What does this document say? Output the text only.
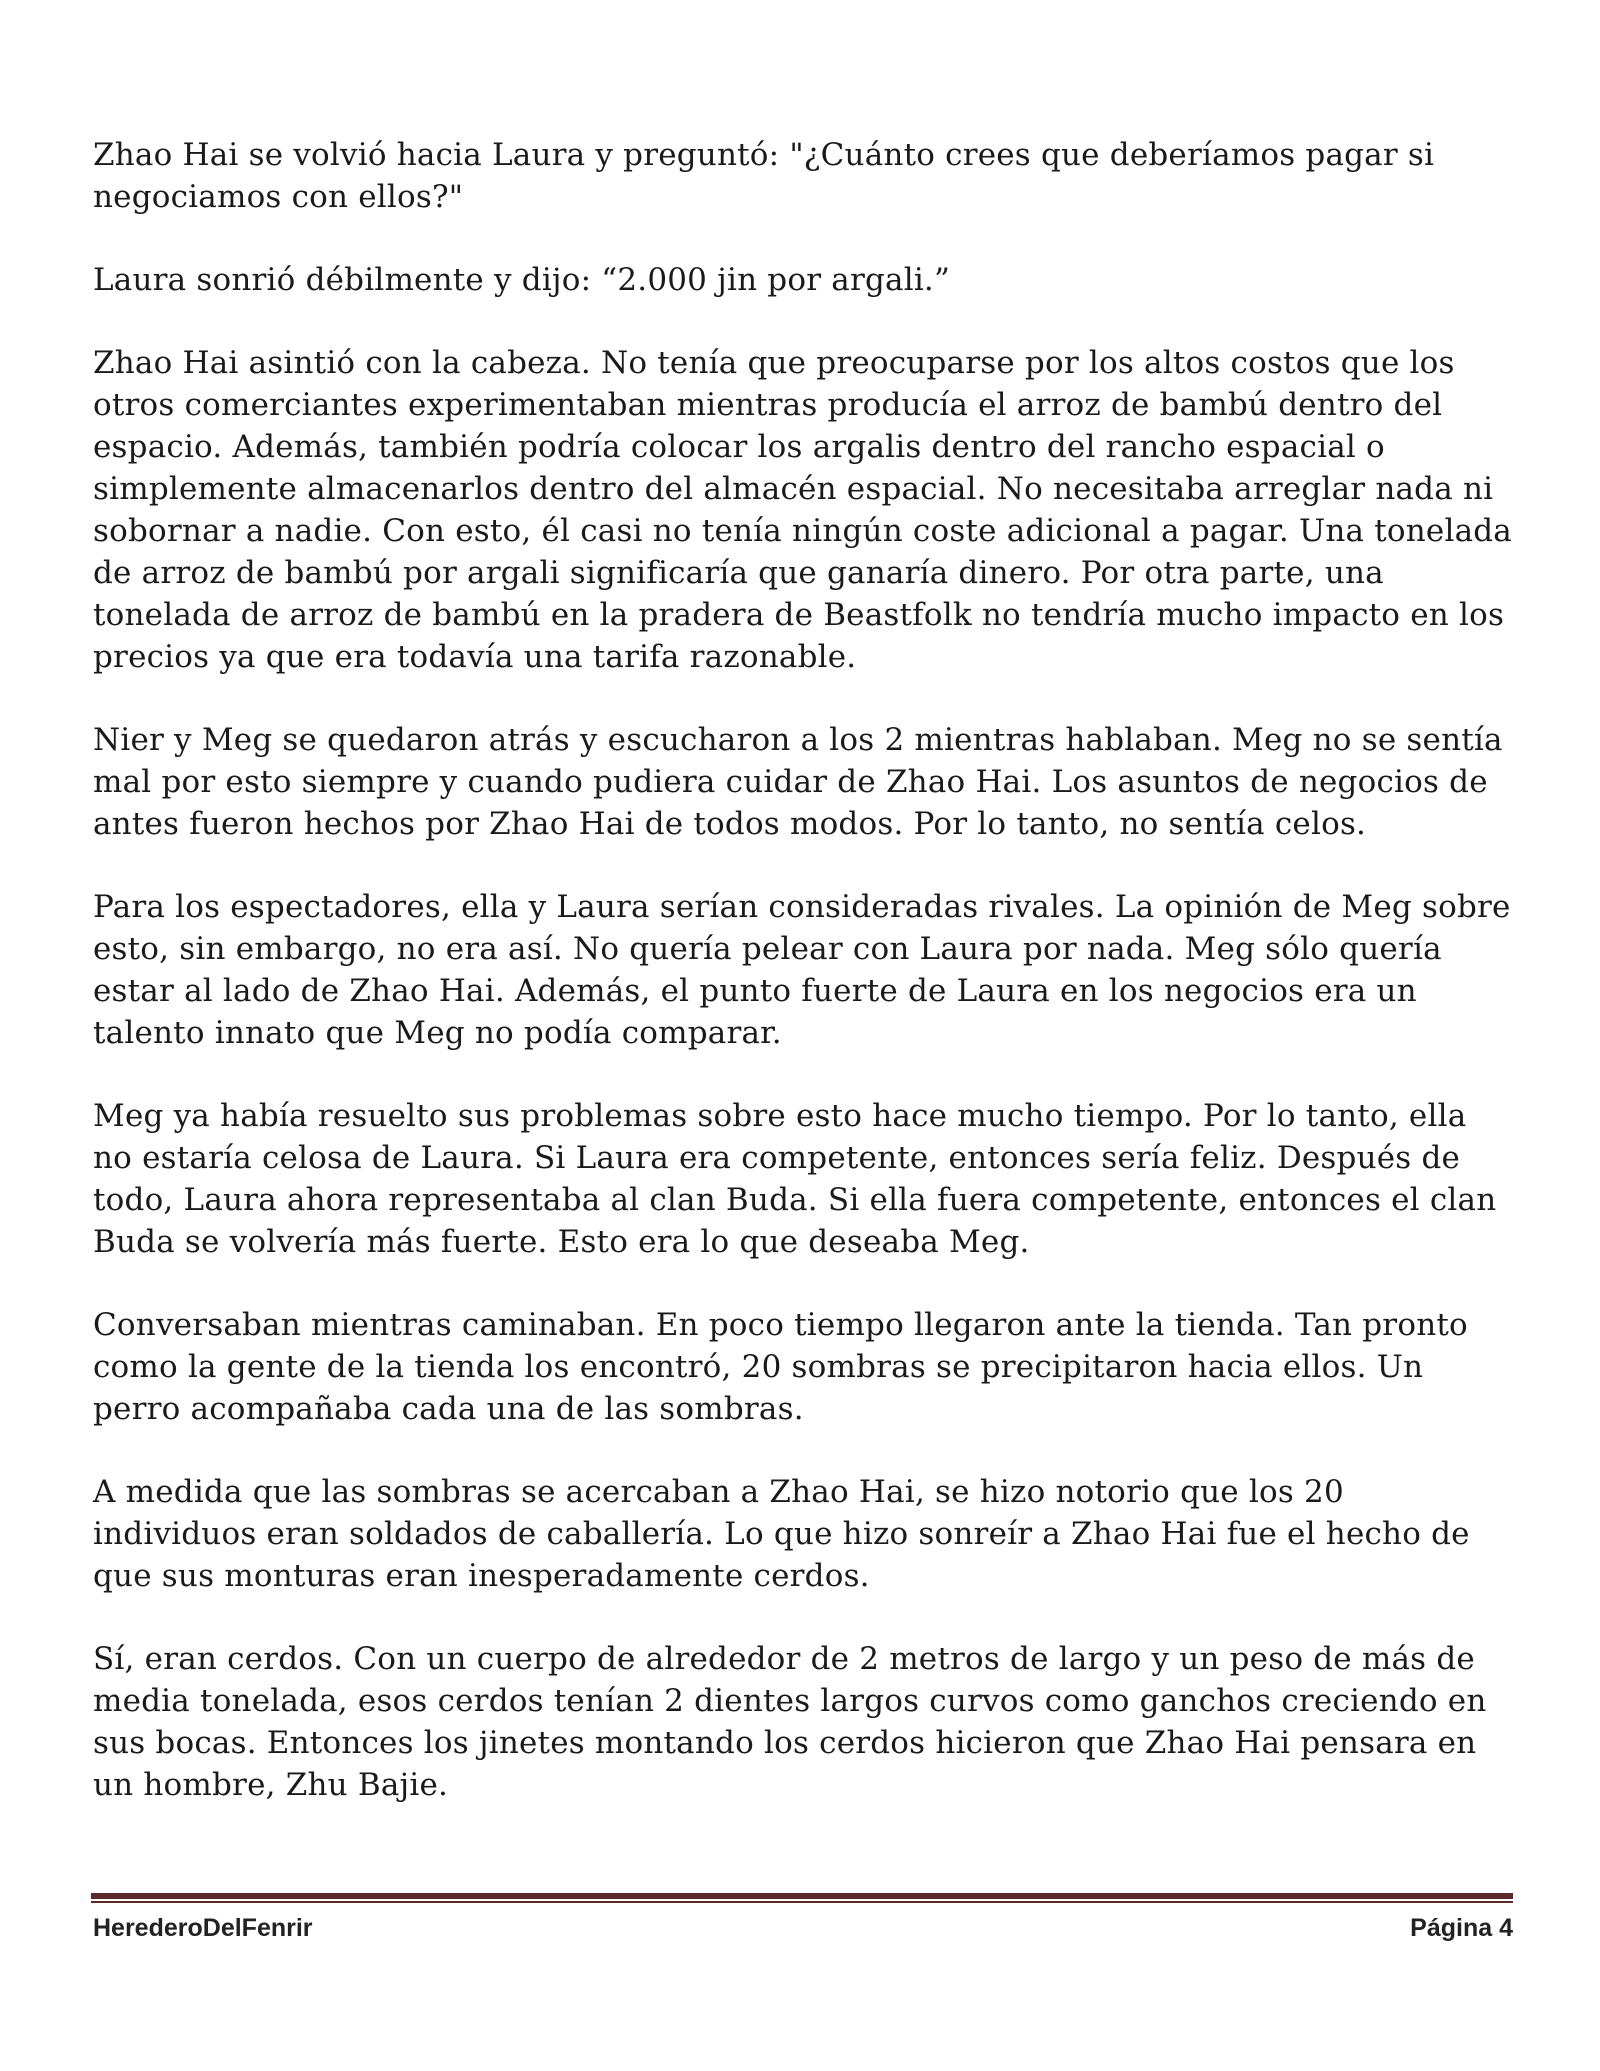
Zhao Hai se volvió hacia Laura y preguntó: "¿Cuánto crees que deberíamos pagar si negociamos con ellos?"

Laura sonrió débilmente y dijo: “2.000 jin por argali.”

Zhao Hai asintió con la cabeza. No tenía que preocuparse por los altos costos que los otros comerciantes experimentaban mientras producía el arroz de bambú dentro del espacio. Además, también podría colocar los argalis dentro del rancho espacial o simplemente almacenarlos dentro del almacén espacial. No necesitaba arreglar nada ni sobornar a nadie. Con esto, él casi no tenía ningún coste adicional a pagar. Una tonelada de arroz de bambú por argali significaría que ganaría dinero. Por otra parte, una tonelada de arroz de bambú en la pradera de Beastfolk no tendría mucho impacto en los precios ya que era todavía una tarifa razonable.

Nier y Meg se quedaron atrás y escucharon a los 2 mientras hablaban. Meg no se sentía mal por esto siempre y cuando pudiera cuidar de Zhao Hai. Los asuntos de negocios de antes fueron hechos por Zhao Hai de todos modos. Por lo tanto, no sentía celos.

Para los espectadores, ella y Laura serían consideradas rivales. La opinión de Meg sobre esto, sin embargo, no era así. No quería pelear con Laura por nada. Meg sólo quería estar al lado de Zhao Hai. Además, el punto fuerte de Laura en los negocios era un talento innato que Meg no podía comparar.

Meg ya había resuelto sus problemas sobre esto hace mucho tiempo. Por lo tanto, ella no estaría celosa de Laura. Si Laura era competente, entonces sería feliz. Después de todo, Laura ahora representaba al clan Buda. Si ella fuera competente, entonces el clan Buda se volvería más fuerte. Esto era lo que deseaba Meg.

Conversaban mientras caminaban. En poco tiempo llegaron ante la tienda. Tan pronto como la gente de la tienda los encontró, 20 sombras se precipitaron hacia ellos. Un perro acompañaba cada una de las sombras.

A medida que las sombras se acercaban a Zhao Hai, se hizo notorio que los 20 individuos eran soldados de caballería. Lo que hizo sonreír a Zhao Hai fue el hecho de que sus monturas eran inesperadamente cerdos.

Sí, eran cerdos. Con un cuerpo de alrededor de 2 metros de largo y un peso de más de media tonelada, esos cerdos tenían 2 dientes largos curvos como ganchos creciendo en sus bocas. Entonces los jinetes montando los cerdos hicieron que Zhao Hai pensara en un hombre, Zhu Bajie.

HerederoDelFenrir	Página 4
